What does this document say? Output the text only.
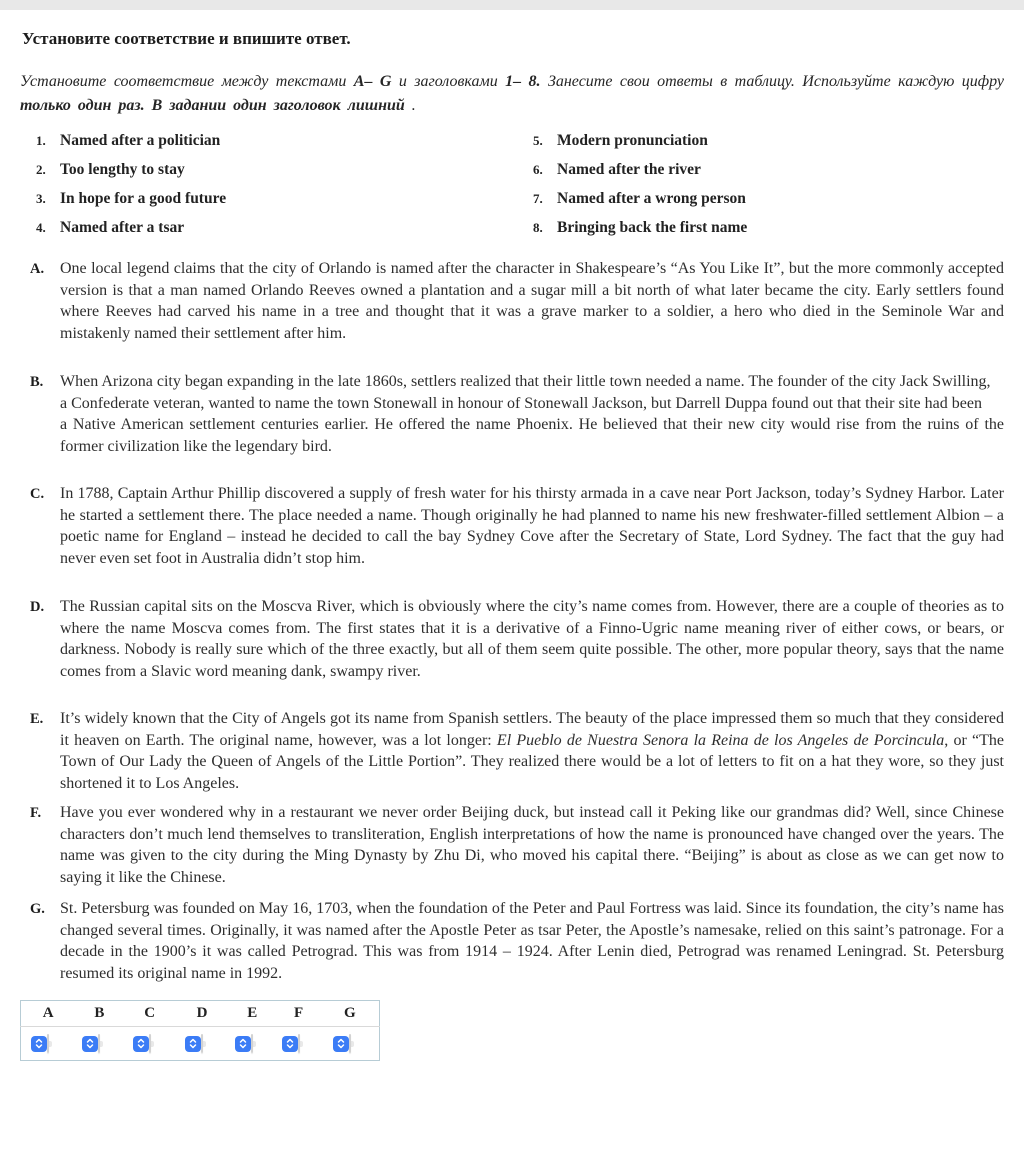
Установите соответствие и впишите ответ.
Установите соответствие между текстами A– G и заголовками 1– 8. Занесите свои ответы в таблицу. Используйте каждую цифру только один раз. В задании один заголовок лишний .
1. Named after a politician
2. Too lengthy to stay
3. In hope for a good future
4. Named after a tsar
5. Modern pronunciation
6. Named after the river
7. Named after a wrong person
8. Bringing back the first name
A. One local legend claims that the city of Orlando is named after the character in Shakespeare’s “As You Like It”, but the more commonly accepted version is that a man named Orlando Reeves owned a plantation and a sugar mill a bit north of what later became the city. Early settlers found where Reeves had carved his name in a tree and thought that it was a grave marker to a soldier, a hero who died in the Seminole War and mistakenly named their settlement after him.
B.	When Arizona city began expanding in the late 1860s, settlers realized that their little town needed a name. The founder of the city Jack Swilling,
a Confederate veteran, wanted to name the town Stonewall in honour of Stonewall Jackson, but Darrell Duppa found out that their site had been
a Native American settlement centuries earlier. He offered the name Phoenix. He believed that their new city would rise from the ruins of the former civilization like the legendary bird.
C. In 1788, Captain Arthur Phillip discovered a supply of fresh water for his thirsty armada in a cave near Port Jackson, today’s Sydney Harbor. Later he started a settlement there. The place needed a name. Though originally he had planned to name his new freshwater-filled settlement Albion – a poetic name for England – instead he decided to call the bay Sydney Cove after the Secretary of State, Lord Sydney. The fact that the guy had never even set foot in Australia didn’t stop him.
D. The Russian capital sits on the Moscva River, which is obviously where the city’s name comes from. However, there are a couple of theories as to where the name Moscva comes from. The first states that it is a derivative of a Finno-Ugric name meaning river of either cows, or bears, or darkness. Nobody is really sure which of the three exactly, but all of them seem quite possible. The other, more popular theory, says that the name comes from a Slavic word meaning dank, swampy river.
E.	It’s widely known that the City of Angels got its name from Spanish settlers. The beauty of the place impressed them so much that they considered it heaven on Earth. The original name, however, was a lot longer: El Pueblo de Nuestra Senora la Reina de los Angeles de Porcincula, or “The Town of Our Lady the Queen of Angels of the Little Portion”. They realized there would be a lot of letters to fit on a hat they wore, so they just shortened it to Los Angeles.
F.	Have you ever wondered why in a restaurant we never order Beijing duck, but instead call it Peking like our grandmas did? Well, since Chinese characters don’t much lend themselves to transliteration, English interpretations of how the name is pronounced have changed over the years. The name was given to the city during the Ming Dynasty by Zhu Di, who moved his capital there. “Beijing” is about as close as we can get now to saying it like the Chinese.
G. St. Petersburg was founded on May 16, 1703, when the foundation of the Peter and Paul Fortress was laid. Since its foundation, the city’s name has changed several times. Originally, it was named after the Apostle Peter as tsar Peter, the Apostle’s namesake, relied on this saint’s patronage. For a decade in the 1900’s it was called Petrograd. This was from 1914 – 1924. After Lenin died, Petrograd was renamed Leningrad. St. Petersburg resumed its original name in 1992.
A	B	C	D	E	F	G
